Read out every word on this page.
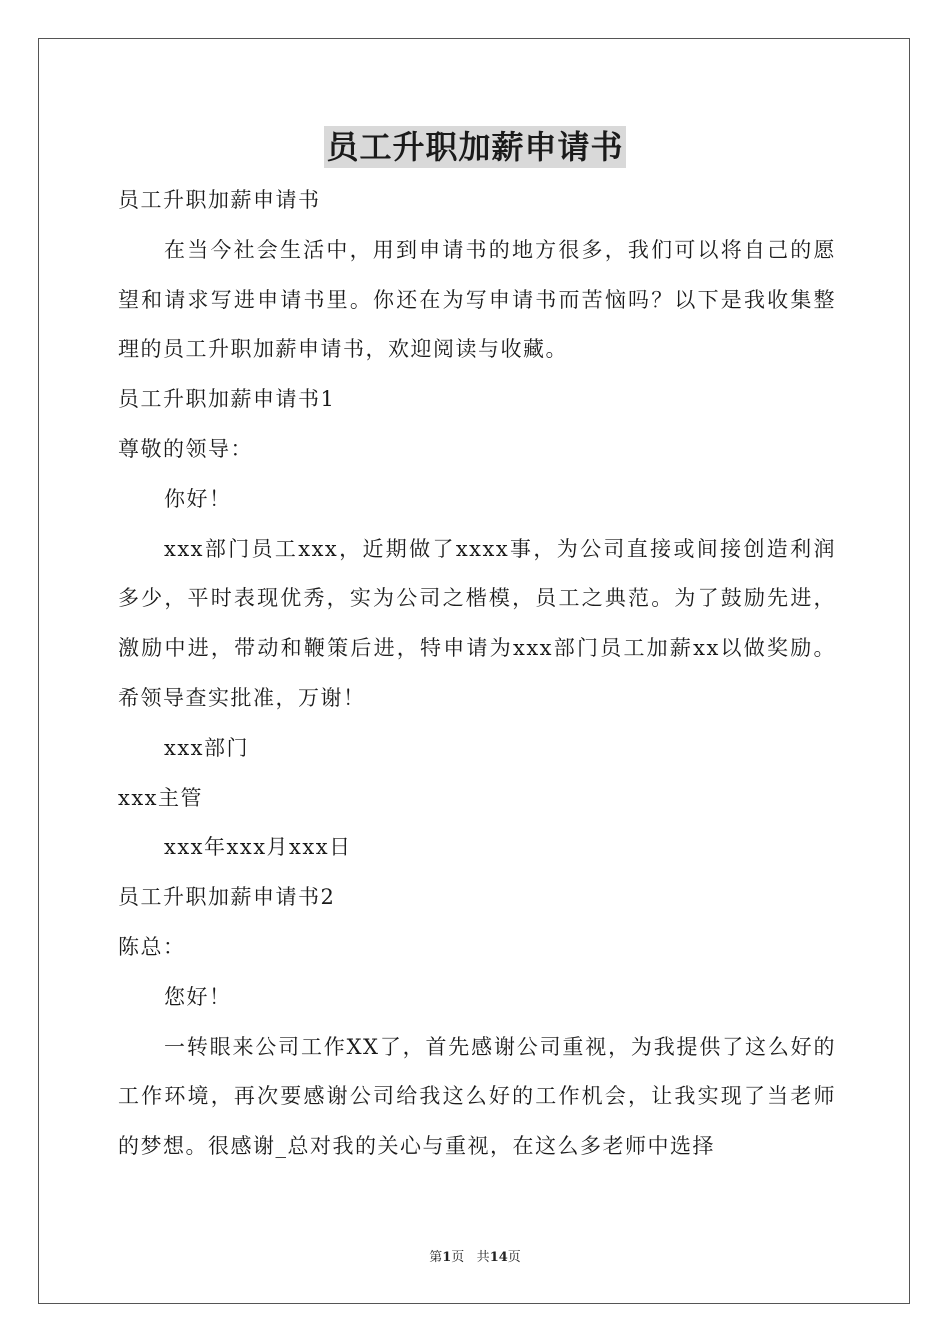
员工升职加薪申请书
员工升职加薪申请书
在当今社会生活中，用到申请书的地方很多，我们可以将自己的愿望和请求写进申请书里。你还在为写申请书而苦恼吗？以下是我收集整理的员工升职加薪申请书，欢迎阅读与收藏。
员工升职加薪申请书1
尊敬的领导：
你好！
xxx部门员工xxx，近期做了xxxx事，为公司直接或间接创造利润多少，平时表现优秀，实为公司之楷模，员工之典范。为了鼓励先进，激励中进，带动和鞭策后进，特申请为xxx部门员工加薪xx以做奖励。希领导查实批准，万谢！
xxx部门
xxx主管
xxx年xxx月xxx日
员工升职加薪申请书2
陈总：
您好！
一转眼来公司工作XX了，首先感谢公司重视，为我提供了这么好的工作环境，再次要感谢公司给我这么好的工作机会，让我实现了当老师的梦想。很感谢_总对我的关心与重视，在这么多老师中选择
第1页 共14页
